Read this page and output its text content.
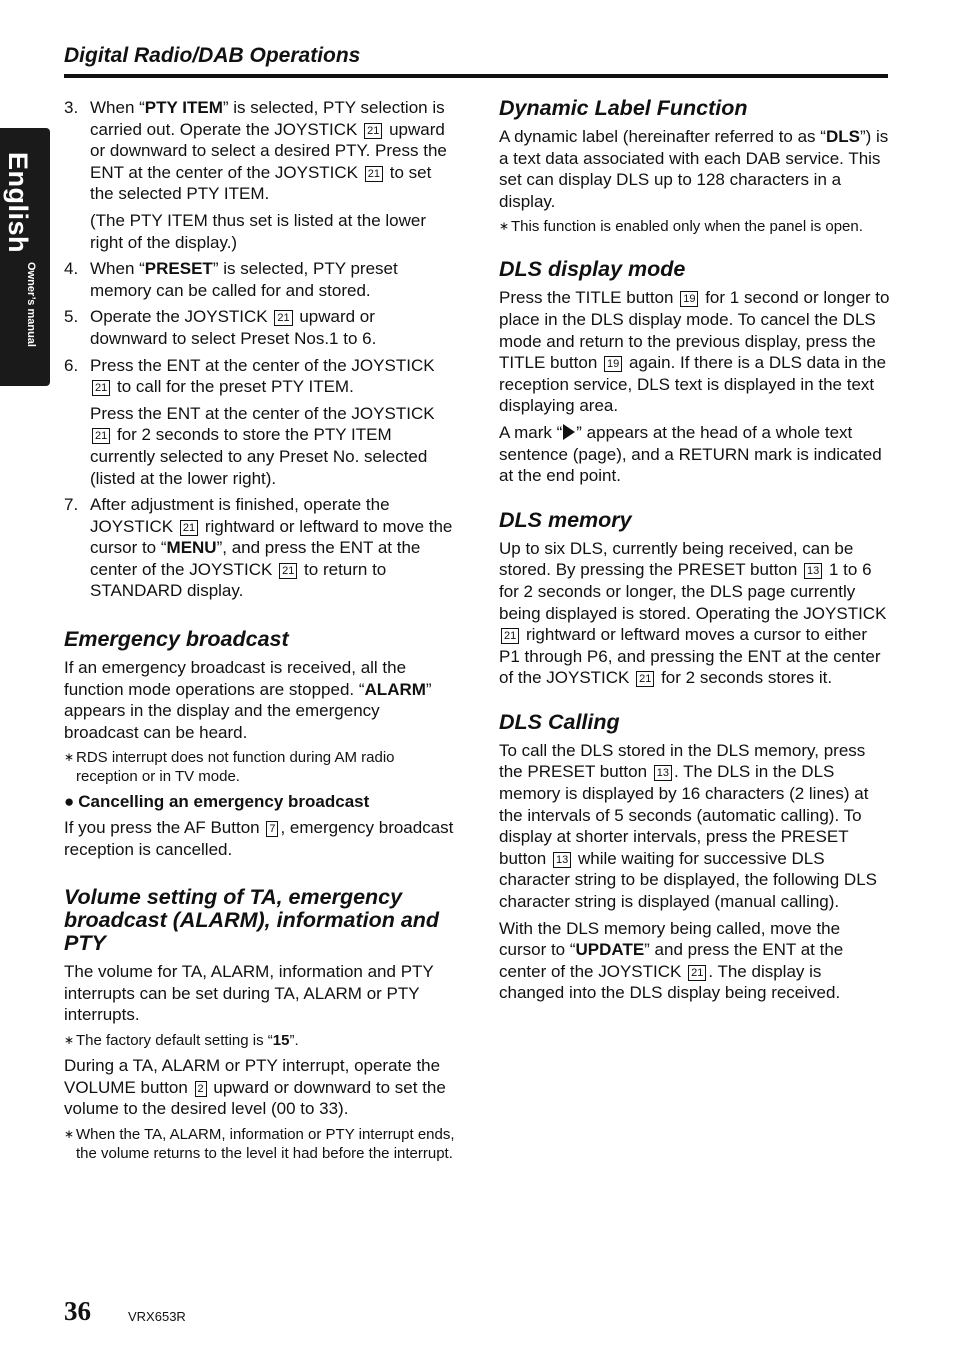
Digital Radio/DAB Operations
English
Owner’s manual
3. When “PTY ITEM” is selected, PTY selection is carried out. Operate the JOYSTICK 21 upward or downward to select a desired PTY. Press the ENT at the center of the JOYSTICK 21 to set the selected PTY ITEM.
(The PTY ITEM thus set is listed at the lower right of the display.)
4. When “PRESET” is selected, PTY preset memory can be called for and stored.
5. Operate the JOYSTICK 21 upward or downward to select Preset Nos.1 to 6.
6. Press the ENT at the center of the JOYSTICK 21 to call for the preset PTY ITEM.
Press the ENT at the center of the JOYSTICK 21 for 2 seconds to store the PTY ITEM currently selected to any Preset No. selected (listed at the lower right).
7. After adjustment is finished, operate the JOYSTICK 21 rightward or leftward to move the cursor to “MENU”, and press the ENT at the center of the JOYSTICK 21 to return to STANDARD display.
Emergency broadcast
If an emergency broadcast is received, all the function mode operations are stopped. “ALARM” appears in the display and the emergency broadcast can be heard.
∗ RDS interrupt does not function during AM radio reception or in TV mode.
● Cancelling an emergency broadcast
If you press the AF Button 7 , emergency broadcast reception is cancelled.
Volume setting of TA, emergency broadcast (ALARM), information and PTY
The volume for TA, ALARM, information and PTY interrupts can be set during TA, ALARM or PTY interrupts.
∗ The factory default setting is “15”.
During a TA, ALARM or PTY interrupt, operate the VOLUME button 2 upward or downward to set the volume to the desired level (00 to 33).
∗ When the TA, ALARM, information or PTY interrupt ends, the volume returns to the level it had before the interrupt.
Dynamic Label Function
A dynamic label (hereinafter referred to as “DLS”) is a text data associated with each DAB service. This set can display DLS up to 128 characters in a display.
∗ This function is enabled only when the panel is open.
DLS display mode
Press the TITLE button 19 for 1 second or longer to place in the DLS display mode. To cancel the DLS mode and return to the previous display, press the TITLE button 19 again. If there is a DLS data in the reception service, DLS text is displayed in the text displaying area.
A mark “ ” appears at the head of a whole text sentence (page), and a RETURN mark is indicated at the end point.
DLS memory
Up to six DLS, currently being received, can be stored. By pressing the PRESET button 13 1 to 6 for 2 seconds or longer, the DLS page currently being displayed is stored. Operating the JOYSTICK 21 rightward or leftward moves a cursor to either P1 through P6, and pressing the ENT at the center of the JOYSTICK 21 for 2 seconds stores it.
DLS Calling
To call the DLS stored in the DLS memory, press the PRESET button 13 . The DLS in the DLS memory is displayed by 16 characters (2 lines) at the intervals of 5 seconds (automatic calling). To display at shorter intervals, press the PRESET button 13 while waiting for successive DLS character string to be displayed, the following DLS character string is displayed (manual calling).
With the DLS memory being called, move the cursor to “UPDATE” and press the ENT at the center of the JOYSTICK 21 . The display is changed into the DLS display being received.
36	VRX653R
